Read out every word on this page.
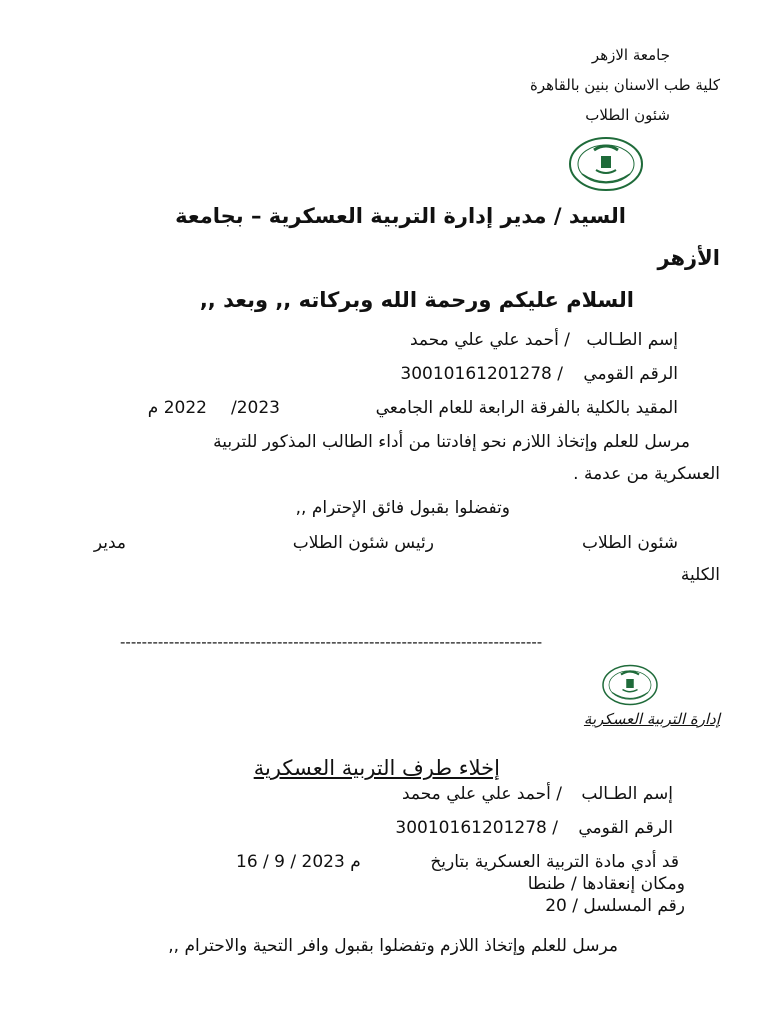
جامعة الازهر
كلية طب الاسنان بنين بالقاهرة
شئون الطلاب
السيد / مدير إدارة التربية العسكرية – بجامعة
الأزهر
السلام عليكم ورحمة الله وبركاته ,, وبعد ,,
إسم الطـالب
/ أحمد علي علي محمد
الرقم القومي
/ 30010161201278
المقيد بالكلية بالفرقة الرابعة للعام الجامعي
/2023
2022 م
مرسل للعلم وإتخاذ اللازم نحو إفادتنا من أداء الطالب المذكور للتربية
العسكرية من عدمة .
وتفضلوا بقبول فائق الإحترام ,,
شئون الطلاب
رئيس شئون الطلاب
مدير
الكلية
------------------------------------------------------------------------------
إدارة التربية العسكرية
إخلاء طرف التربية العسكرية
إسم الطـالب
/ أحمد علي علي محمد
الرقم القومي
/ 30010161201278
قد أدي مادة التربية العسكرية بتاريخ
16 / 9 / 2023 م
ومكان إنعقادها / طنطا
رقم المسلسل / 20
مرسل للعلم وإتخاذ اللازم وتفضلوا بقبول وافر التحية والاحترام ,,
